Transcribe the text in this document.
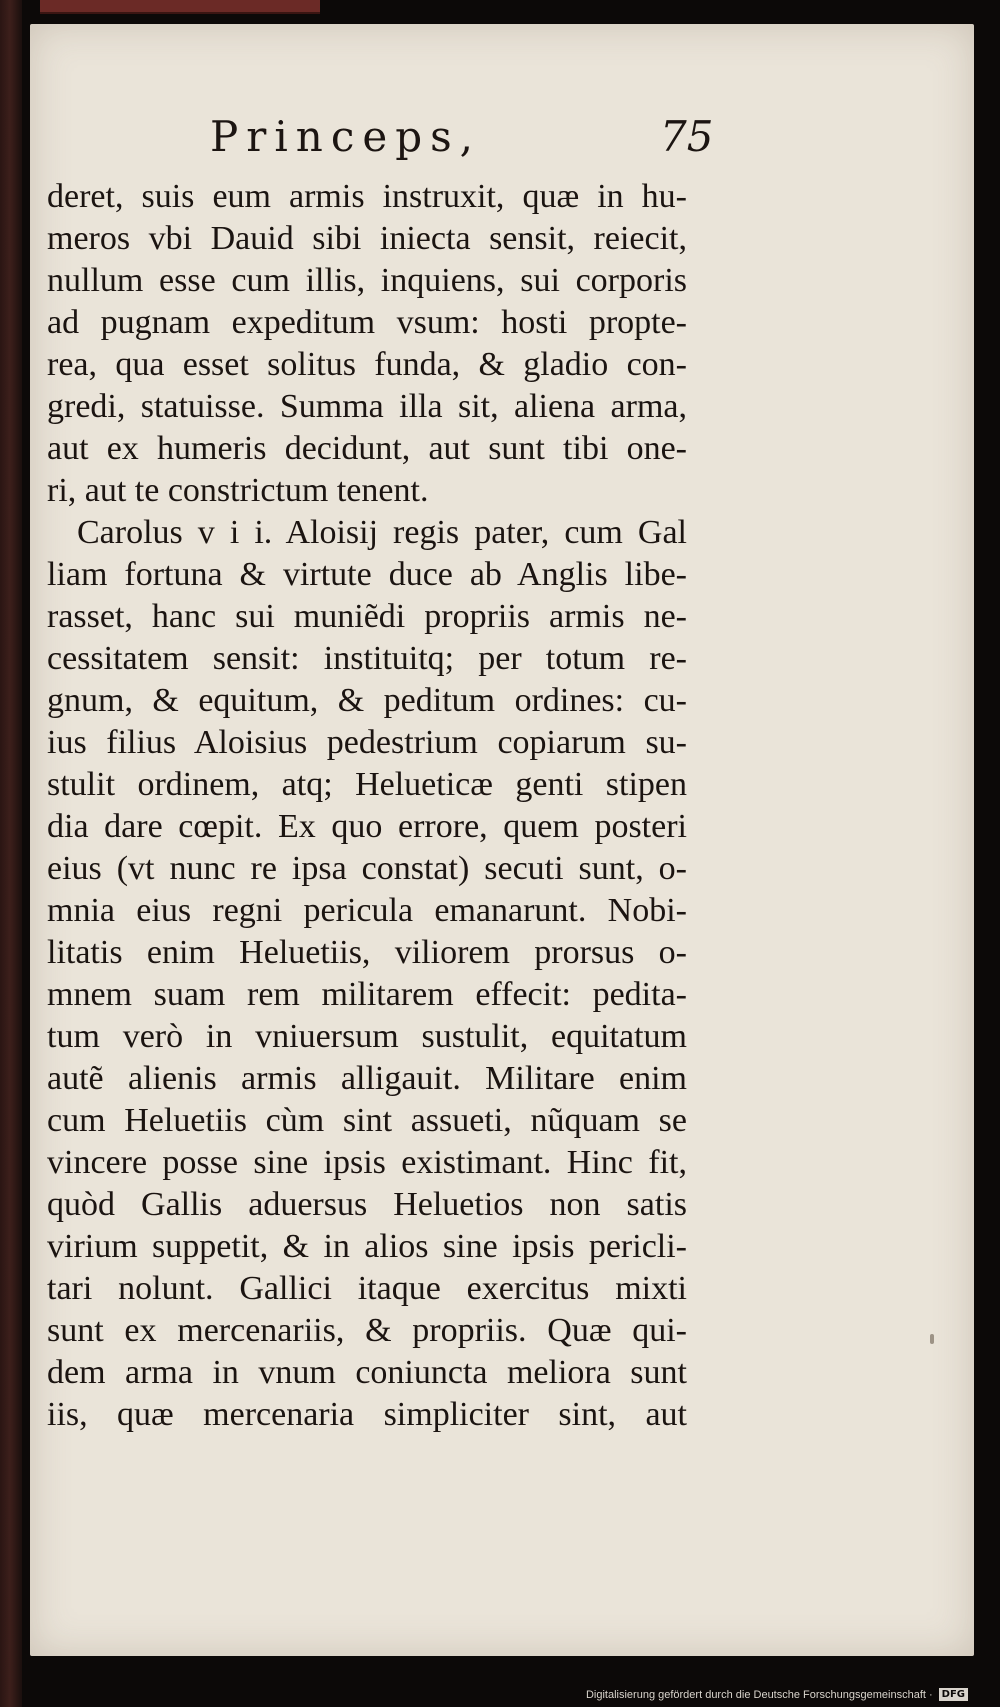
Princeps,	75
deret, suis eum armis instruxit, quæ in hu-
meros vbi Dauid sibi iniecta sensit, reiecit,
nullum esse cum illis, inquiens, sui corporis
ad pugnam expeditum vsum: hosti propte-
rea, qua esset solitus funda, & gladio con-
gredi, statuisse. Summa illa sit, aliena arma,
aut ex humeris decidunt, aut sunt tibi one-
ri, aut te constrictum tenent.
Carolus v i i. Aloisij regis pater, cum Gal
liam fortuna & virtute duce ab Anglis libe-
rasset, hanc sui muniẽdi propriis armis ne-
cessitatem sensit: instituitq; per totum re-
gnum, & equitum, & peditum ordines: cu-
ius filius Aloisius pedestrium copiarum su-
stulit ordinem, atq; Helueticæ genti stipen
dia dare cœpit. Ex quo errore, quem posteri
eius (vt nunc re ipsa constat) secuti sunt, o-
mnia eius regni pericula emanarunt. Nobi-
litatis enim Heluetiis, viliorem prorsus o-
mnem suam rem militarem effecit: pedita-
tum verò in vniuersum sustulit, equitatum
autẽ alienis armis alligauit. Militare enim
cum Heluetiis cùm sint assueti, nũquam se
vincere posse sine ipsis existimant. Hinc fit,
quòd Gallis aduersus Heluetios non satis
virium suppetit, & in alios sine ipsis pericli-
tari nolunt. Gallici itaque exercitus mixti
sunt ex mercenariis, & propriis. Quæ qui-
dem arma in vnum coniuncta meliora sunt
iis, quæ mercenaria simpliciter sint, aut
Digitalisierung gefördert durch die Deutsche Forschungsgemeinschaft · DFG
